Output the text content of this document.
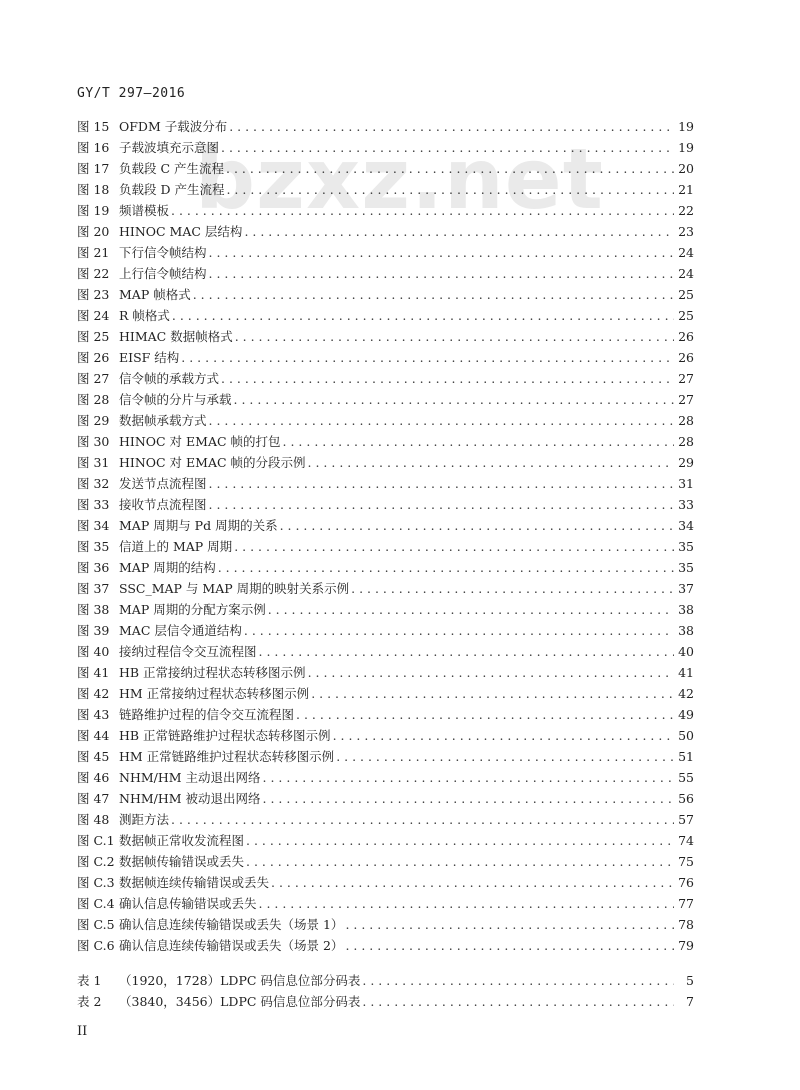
GY/T 297—2016
bzxz.net
图 15 OFDM 子载波分布 . . .	19
图 16 子载波填充示意图 . . .	19
图 17 负载段 C 产生流程 . . .	20
图 18 负载段 D 产生流程 . . .	21
图 19 频谱模板 . . .	22
图 20 HINOC MAC 层结构 . . .	23
图 21 下行信令帧结构 . . .	24
图 22 上行信令帧结构 . . .	24
图 23 MAP 帧格式 . . .	25
图 24 R 帧格式 . . .	25
图 25 HIMAC 数据帧格式 . . .	26
图 26 EISF 结构 . . .	26
图 27 信令帧的承载方式 . . .	27
图 28 信令帧的分片与承载 . . .	27
图 29 数据帧承载方式 . . .	28
图 30 HINOC 对 EMAC 帧的打包 . . .	28
图 31 HINOC 对 EMAC 帧的分段示例 . . .	29
图 32 发送节点流程图 . . .	31
图 33 接收节点流程图 . . .	33
图 34 MAP 周期与 Pd 周期的关系 . . .	34
图 35 信道上的 MAP 周期 . . .	35
图 36 MAP 周期的结构 . . .	35
图 37 SSC_MAP 与 MAP 周期的映射关系示例 . . .	37
图 38 MAP 周期的分配方案示例 . . .	38
图 39 MAC 层信令通道结构 . . .	38
图 40 接纳过程信令交互流程图 . . .	40
图 41 HB 正常接纳过程状态转移图示例 . . .	41
图 42 HM 正常接纳过程状态转移图示例 . . .	42
图 43 链路维护过程的信令交互流程图 . . .	49
图 44 HB 正常链路维护过程状态转移图示例 . . .	50
图 45 HM 正常链路维护过程状态转移图示例 . . .	51
图 46 NHM/HM 主动退出网络 . . .	55
图 47 NHM/HM 被动退出网络 . . .	56
图 48 测距方法 . . .	57
图 C.1 数据帧正常收发流程图 . . .	74
图 C.2 数据帧传输错误或丢失 . . .	75
图 C.3 数据帧连续传输错误或丢失 . . .	76
图 C.4 确认信息传输错误或丢失 . . .	77
图 C.5 确认信息连续传输错误或丢失（场景 1） . . .	78
图 C.6 确认信息连续传输错误或丢失（场景 2） . . .	79
表 1	（1920，1728）LDPC 码信息位部分码表 . . .	5
表 2	（3840，3456）LDPC 码信息位部分码表 . . .	7
II
